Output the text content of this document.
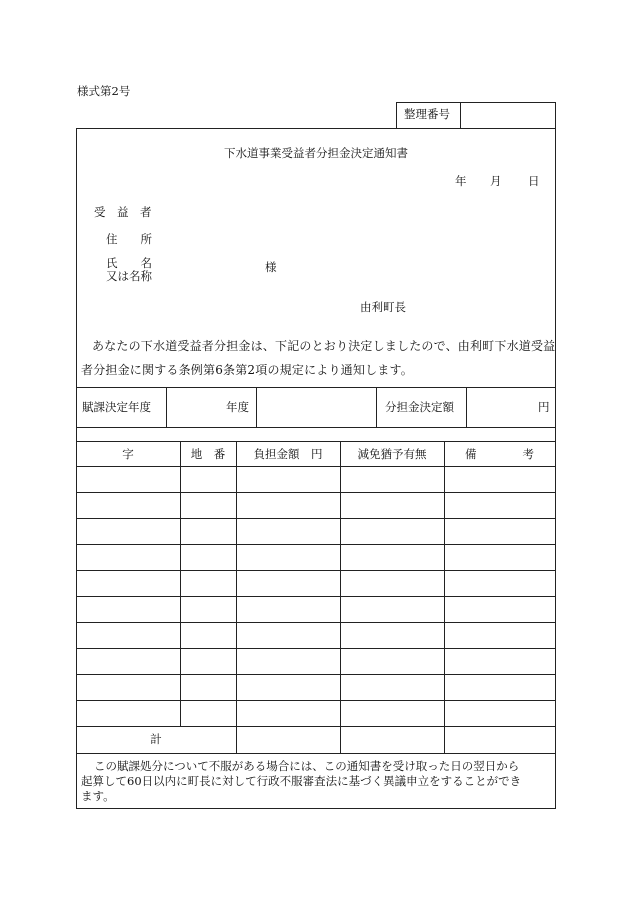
様式第2号
整理番号
下水道事業受益者分担金決定通知書
年 月 日
受　益　者
住　　所
氏　　名
又は名称
様
由利町長
あなたの下水道受益者分担金は、下記のとおり決定しましたので、由利町下水道受益
者分担金に関する条例第6条第2項の規定により通知します。
賦課決定年度	年度	分担金決定額	円
字	地　番	負担金額　円	減免猶予有無	備　　　　考
計
この賦課処分について不服がある場合には、この通知書を受け取った日の翌日から
起算して60日以内に町長に対して行政不服審査法に基づく異議申立をすることができ
ます。
